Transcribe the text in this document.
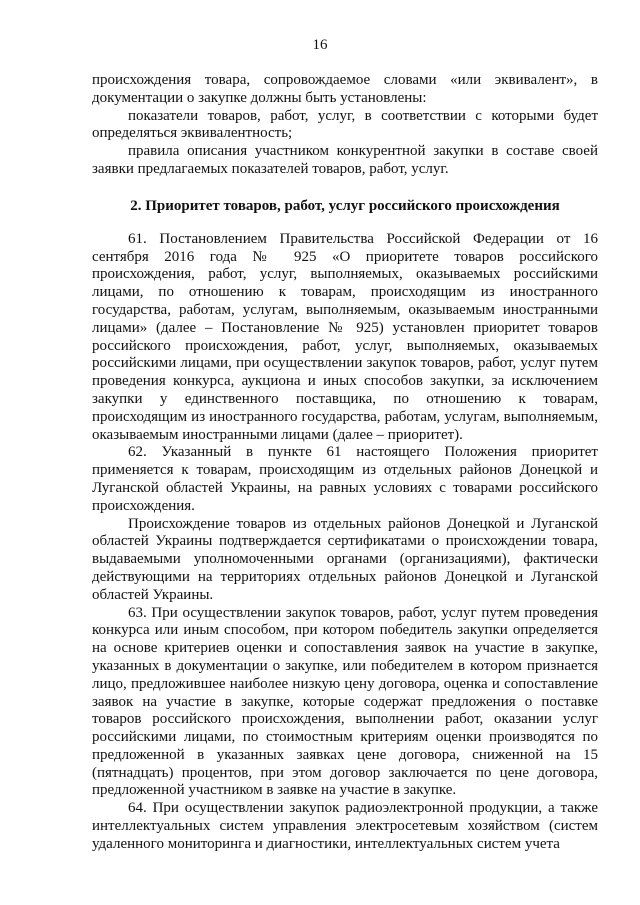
16

происхождения товара, сопровождаемое словами «или эквивалент», в документации о закупке должны быть установлены:

показатели товаров, работ, услуг, в соответствии с которыми будет определяться эквивалентность;

правила описания участником конкурентной закупки в составе своей заявки предлагаемых показателей товаров, работ, услуг.

2. Приоритет товаров, работ, услуг российского происхождения

61. Постановлением Правительства Российской Федерации от 16 сентября 2016 года № 925 «О приоритете товаров российского происхождения, работ, услуг, выполняемых, оказываемых российскими лицами, по отношению к товарам, происходящим из иностранного государства, работам, услугам, выполняемым, оказываемым иностранными лицами» (далее – Постановление № 925) установлен приоритет товаров российского происхождения, работ, услуг, выполняемых, оказываемых российскими лицами, при осуществлении закупок товаров, работ, услуг путем проведения конкурса, аукциона и иных способов закупки, за исключением закупки у единственного поставщика, по отношению к товарам, происходящим из иностранного государства, работам, услугам, выполняемым, оказываемым иностранными лицами (далее – приоритет).

62. Указанный в пункте 61 настоящего Положения приоритет применяется к товарам, происходящим из отдельных районов Донецкой и Луганской областей Украины, на равных условиях с товарами российского происхождения.

Происхождение товаров из отдельных районов Донецкой и Луганской областей Украины подтверждается сертификатами о происхождении товара, выдаваемыми уполномоченными органами (организациями), фактически действующими на территориях отдельных районов Донецкой и Луганской областей Украины.

63. При осуществлении закупок товаров, работ, услуг путем проведения конкурса или иным способом, при котором победитель закупки определяется на основе критериев оценки и сопоставления заявок на участие в закупке, указанных в документации о закупке, или победителем в котором признается лицо, предложившее наиболее низкую цену договора, оценка и сопоставление заявок на участие в закупке, которые содержат предложения о поставке товаров российского происхождения, выполнении работ, оказании услуг российскими лицами, по стоимостным критериям оценки производятся по предложенной в указанных заявках цене договора, сниженной на 15 (пятнадцать) процентов, при этом договор заключается по цене договора, предложенной участником в заявке на участие в закупке.

64. При осуществлении закупок радиоэлектронной продукции, а также интеллектуальных систем управления электросетевым хозяйством (систем удаленного мониторинга и диагностики, интеллектуальных систем учета
